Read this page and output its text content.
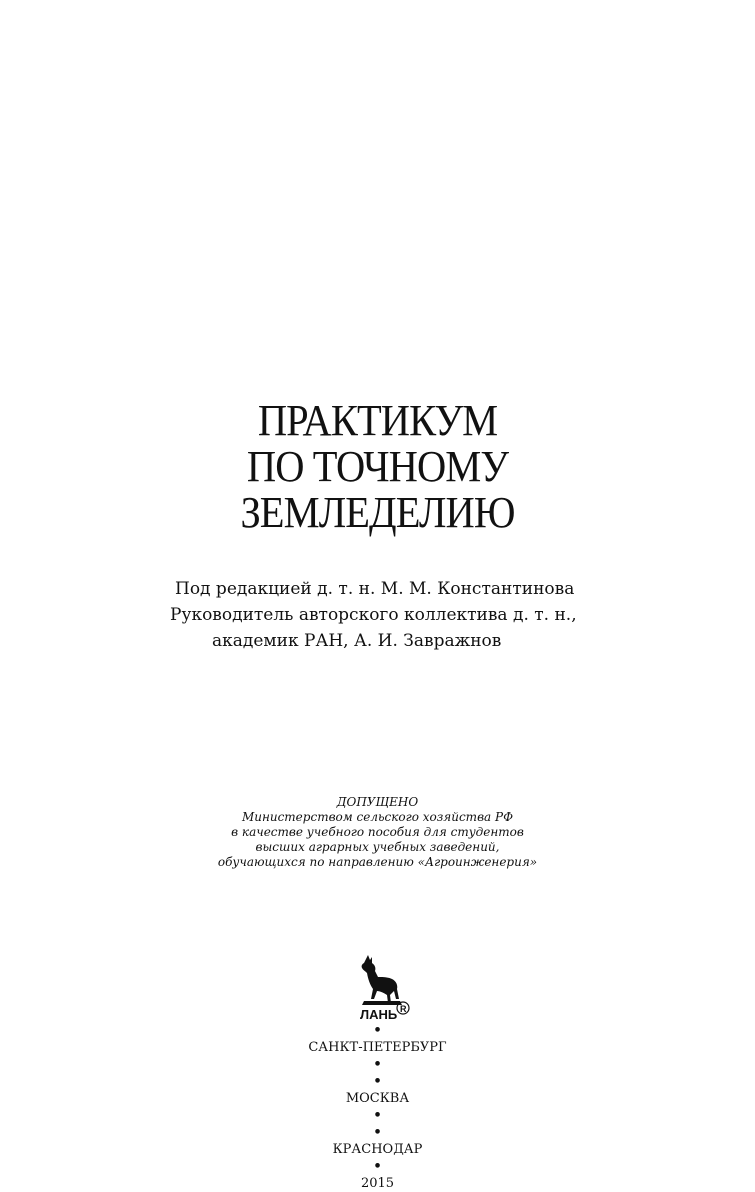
ПРАКТИКУМ
ПО ТОЧНОМУ
ЗЕМЛЕДЕЛИЮ
Под редакцией д. т. н. М. М. Константинова
Руководитель авторского коллектива д. т. н.,
академик РАН, А. И. Завражнов
ДОПУЩЕНО
Министерством сельского хозяйства РФ
в качестве учебного пособия для студентов
высших аграрных учебных заведений,
обучающихся по направлению «Агроинженерия»
ЛАНЬ R
•
САНКТ-ПЕТЕРБУРГ
•
•
МОСКВА
•
•
КРАСНОДАР
•
2015
